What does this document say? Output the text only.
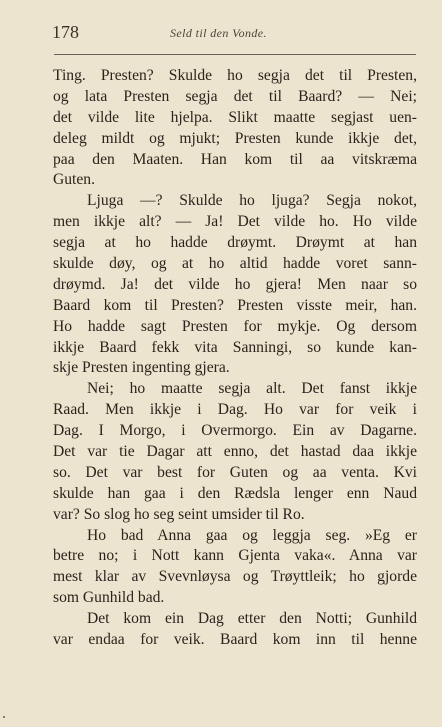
178	Seld til den Vonde.
Ting. Presten? Skulde ho segja det til Presten,
og lata Presten segja det til Baard? — Nei;
det vilde lite hjelpa. Slikt maatte segjast uen-
deleg mildt og mjukt; Presten kunde ikkje det,
paa den Maaten. Han kom til aa vitskræma
Guten.
Ljuga —? Skulde ho ljuga? Segja nokot,
men ikkje alt? — Ja! Det vilde ho. Ho vilde
segja at ho hadde drøymt. Drøymt at han
skulde døy, og at ho altid hadde voret sann-
drøymd. Ja! det vilde ho gjera! Men naar so
Baard kom til Presten? Presten visste meir, han.
Ho hadde sagt Presten for mykje. Og dersom
ikkje Baard fekk vita Sanningi, so kunde kan-
skje Presten ingenting gjera.
Nei; ho maatte segja alt. Det fanst ikkje
Raad. Men ikkje i Dag. Ho var for veik i
Dag. I Morgo, i Overmorgo. Ein av Dagarne.
Det var tie Dagar att enno, det hastad daa ikkje
so. Det var best for Guten og aa venta. Kvi
skulde han gaa i den Rædsla lenger enn Naud
var? So slog ho seg seint umsider til Ro.
Ho bad Anna gaa og leggja seg. »Eg er
betre no; i Nott kann Gjenta vaka«. Anna var
mest klar av Svevnløysa og Trøyttleik; ho gjorde
som Gunhild bad.
Det kom ein Dag etter den Notti; Gunhild
var endaa for veik. Baard kom inn til henne
